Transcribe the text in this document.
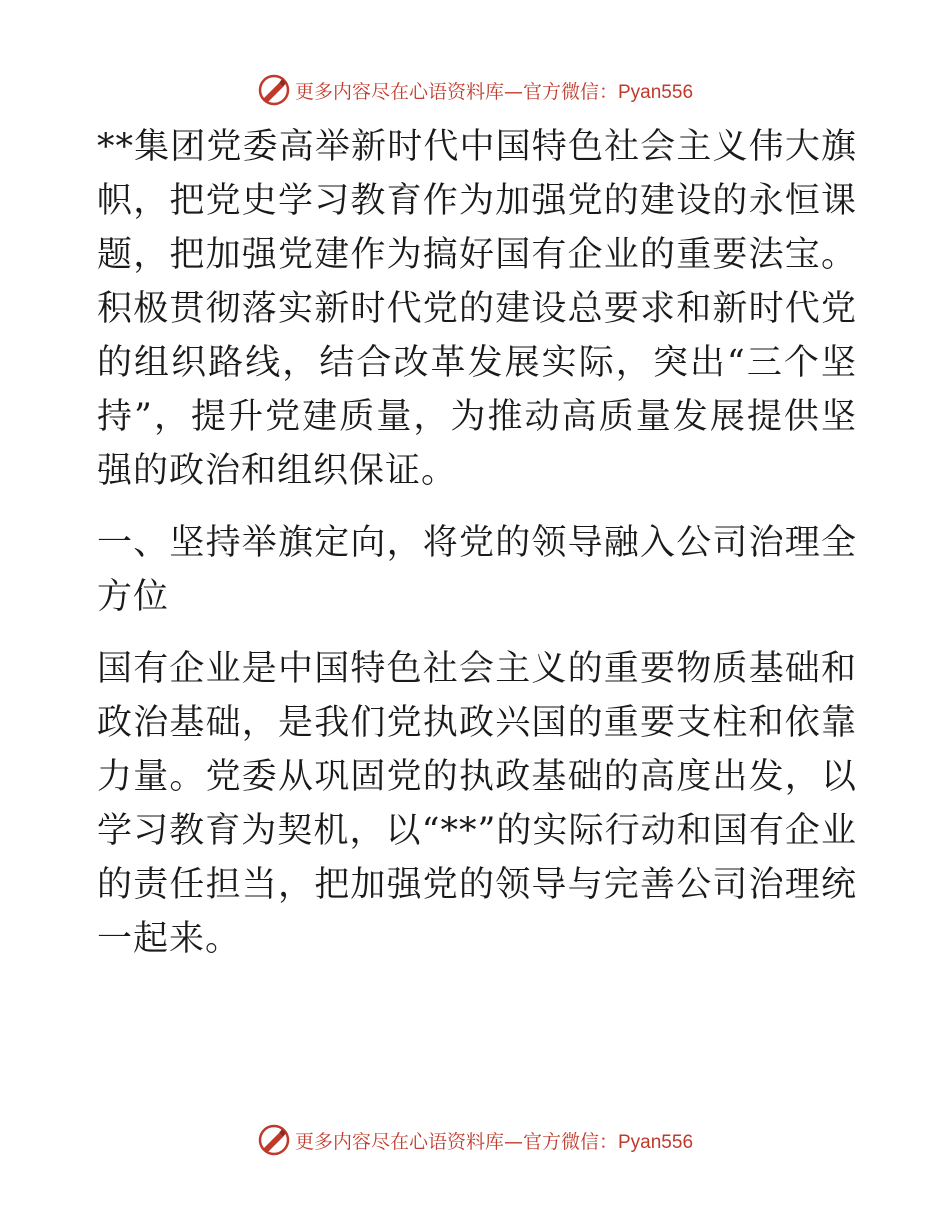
更多内容尽在心语资料库—官方微信：Pyan556

**集团党委高举新时代中国特色社会主义伟大旗帜，把党史学习教育作为加强党的建设的永恒课题，把加强党建作为搞好国有企业的重要法宝。积极贯彻落实新时代党的建设总要求和新时代党的组织路线，结合改革发展实际，突出“三个坚持”，提升党建质量，为推动高质量发展提供坚强的政治和组织保证。

一、坚持举旗定向，将党的领导融入公司治理全方位

国有企业是中国特色社会主义的重要物质基础和政治基础，是我们党执政兴国的重要支柱和依靠力量。党委从巩固党的执政基础的高度出发，以学习教育为契机，以“**”的实际行动和国有企业的责任担当，把加强党的领导与完善公司治理统一起来。

更多内容尽在心语资料库—官方微信：Pyan556
